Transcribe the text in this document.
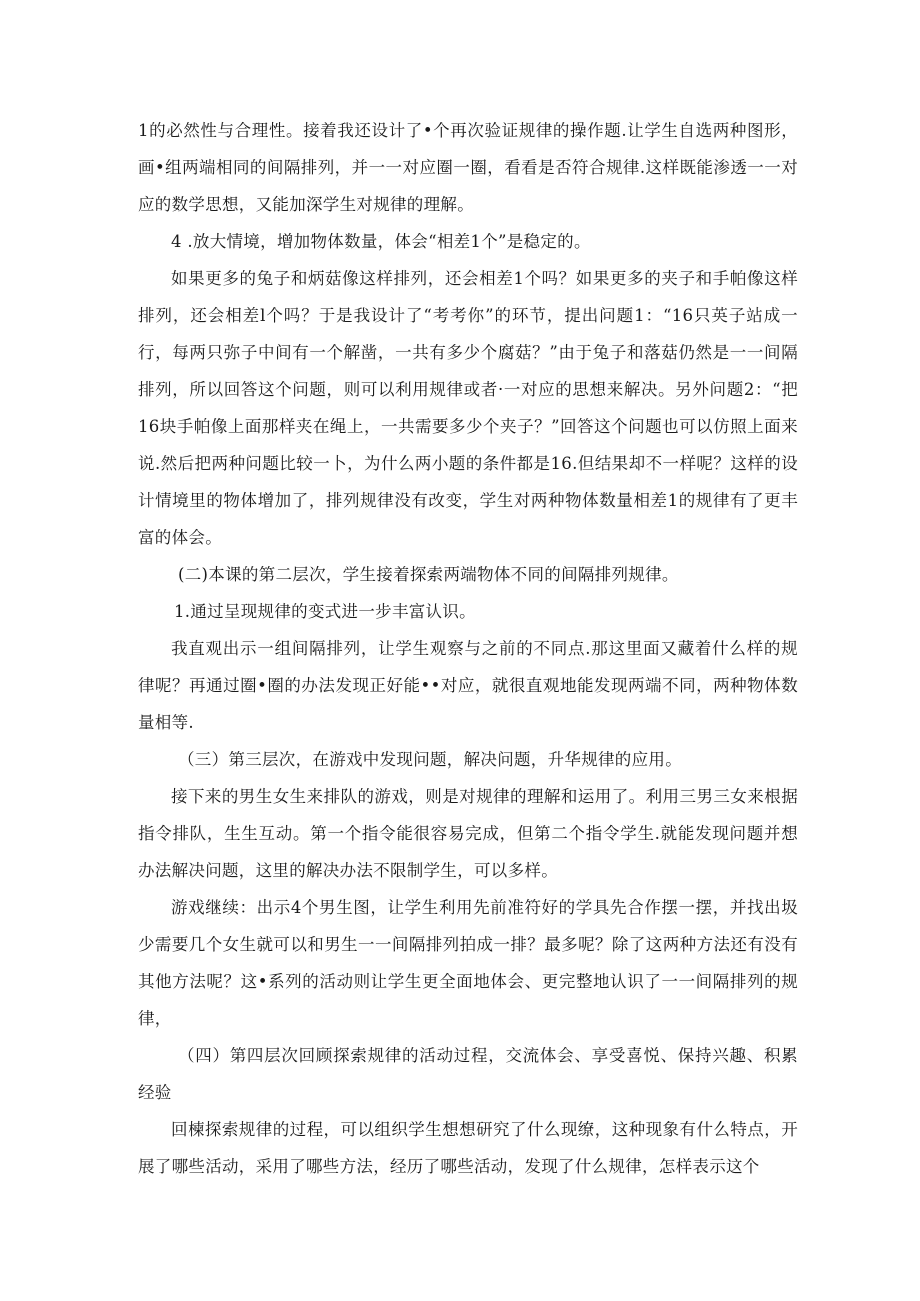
1的必然性与合理性。接着我还设计了•个再次验证规律的操作题.让学生自选两种图形，画•组两端相同的间隔排列，并一一对应圈一圈，看看是否符合规律.这样既能渗透一一对应的数学思想，又能加深学生对规律的理解。

4 .放大情境，增加物体数量，体会“相差1个”是稳定的。

如果更多的兔子和炳菇像这样排列，还会相差1个吗？如果更多的夹子和手帕像这样排列，还会相差l个吗？于是我设计了“考考你”的环节，提出问题1：“16只英子站成一行，每两只弥子中间有一个解凿，一共有多少个腐菇？”由于兔子和落菇仍然是一一间隔排列，所以回答这个问题，则可以利用规律或者·一对应的思想来解决。另外问题2：“把16块手帕像上面那样夹在绳上，一共需要多少个夹子？”回答这个问题也可以仿照上面来说.然后把两种问题比较一卜，为什么两小题的条件都是16.但结果却不一样呢？这样的设计情境里的物体增加了，排列规律没有改变，学生对两种物体数量相差1的规律有了更丰富的体会。

(二)本课的第二层次，学生接着探索两端物体不同的间隔排列规律。

1.通过呈现规律的变式进一步丰富认识。

我直观出示一组间隔排列，让学生观察与之前的不同点.那这里面又藏着什么样的规律呢？再通过圈•圈的办法发现正好能••对应，就很直观地能发现两端不同，两种物体数量相等.

（三）第三层次，在游戏中发现问题，解决问题，升华规律的应用。

接下来的男生女生来排队的游戏，则是对规律的理解和运用了。利用三男三女来根据指令排队，生生互动。第一个指令能很容易完成，但第二个指令学生.就能发现问题并想办法解决问题，这里的解决办法不限制学生，可以多样。

游戏继续：出示4个男生图，让学生利用先前准符好的学具先合作摆一摆，并找出圾少需要几个女生就可以和男生一一间隔排列拍成一排？最多呢？除了这两种方法还有没有其他方法呢？这•系列的活动则让学生更全面地体会、更完整地认识了一一间隔排列的规律，

（四）第四层次回顾探索规律的活动过程，交流体会、享受喜悦、保持兴趣、积累经验

回楝探索规律的过程，可以组织学生想想研究了什么现缭，这种现象有什么特点，开展了哪些活动，采用了哪些方法，经历了哪些活动，发现了什么规律，怎样表示这个
